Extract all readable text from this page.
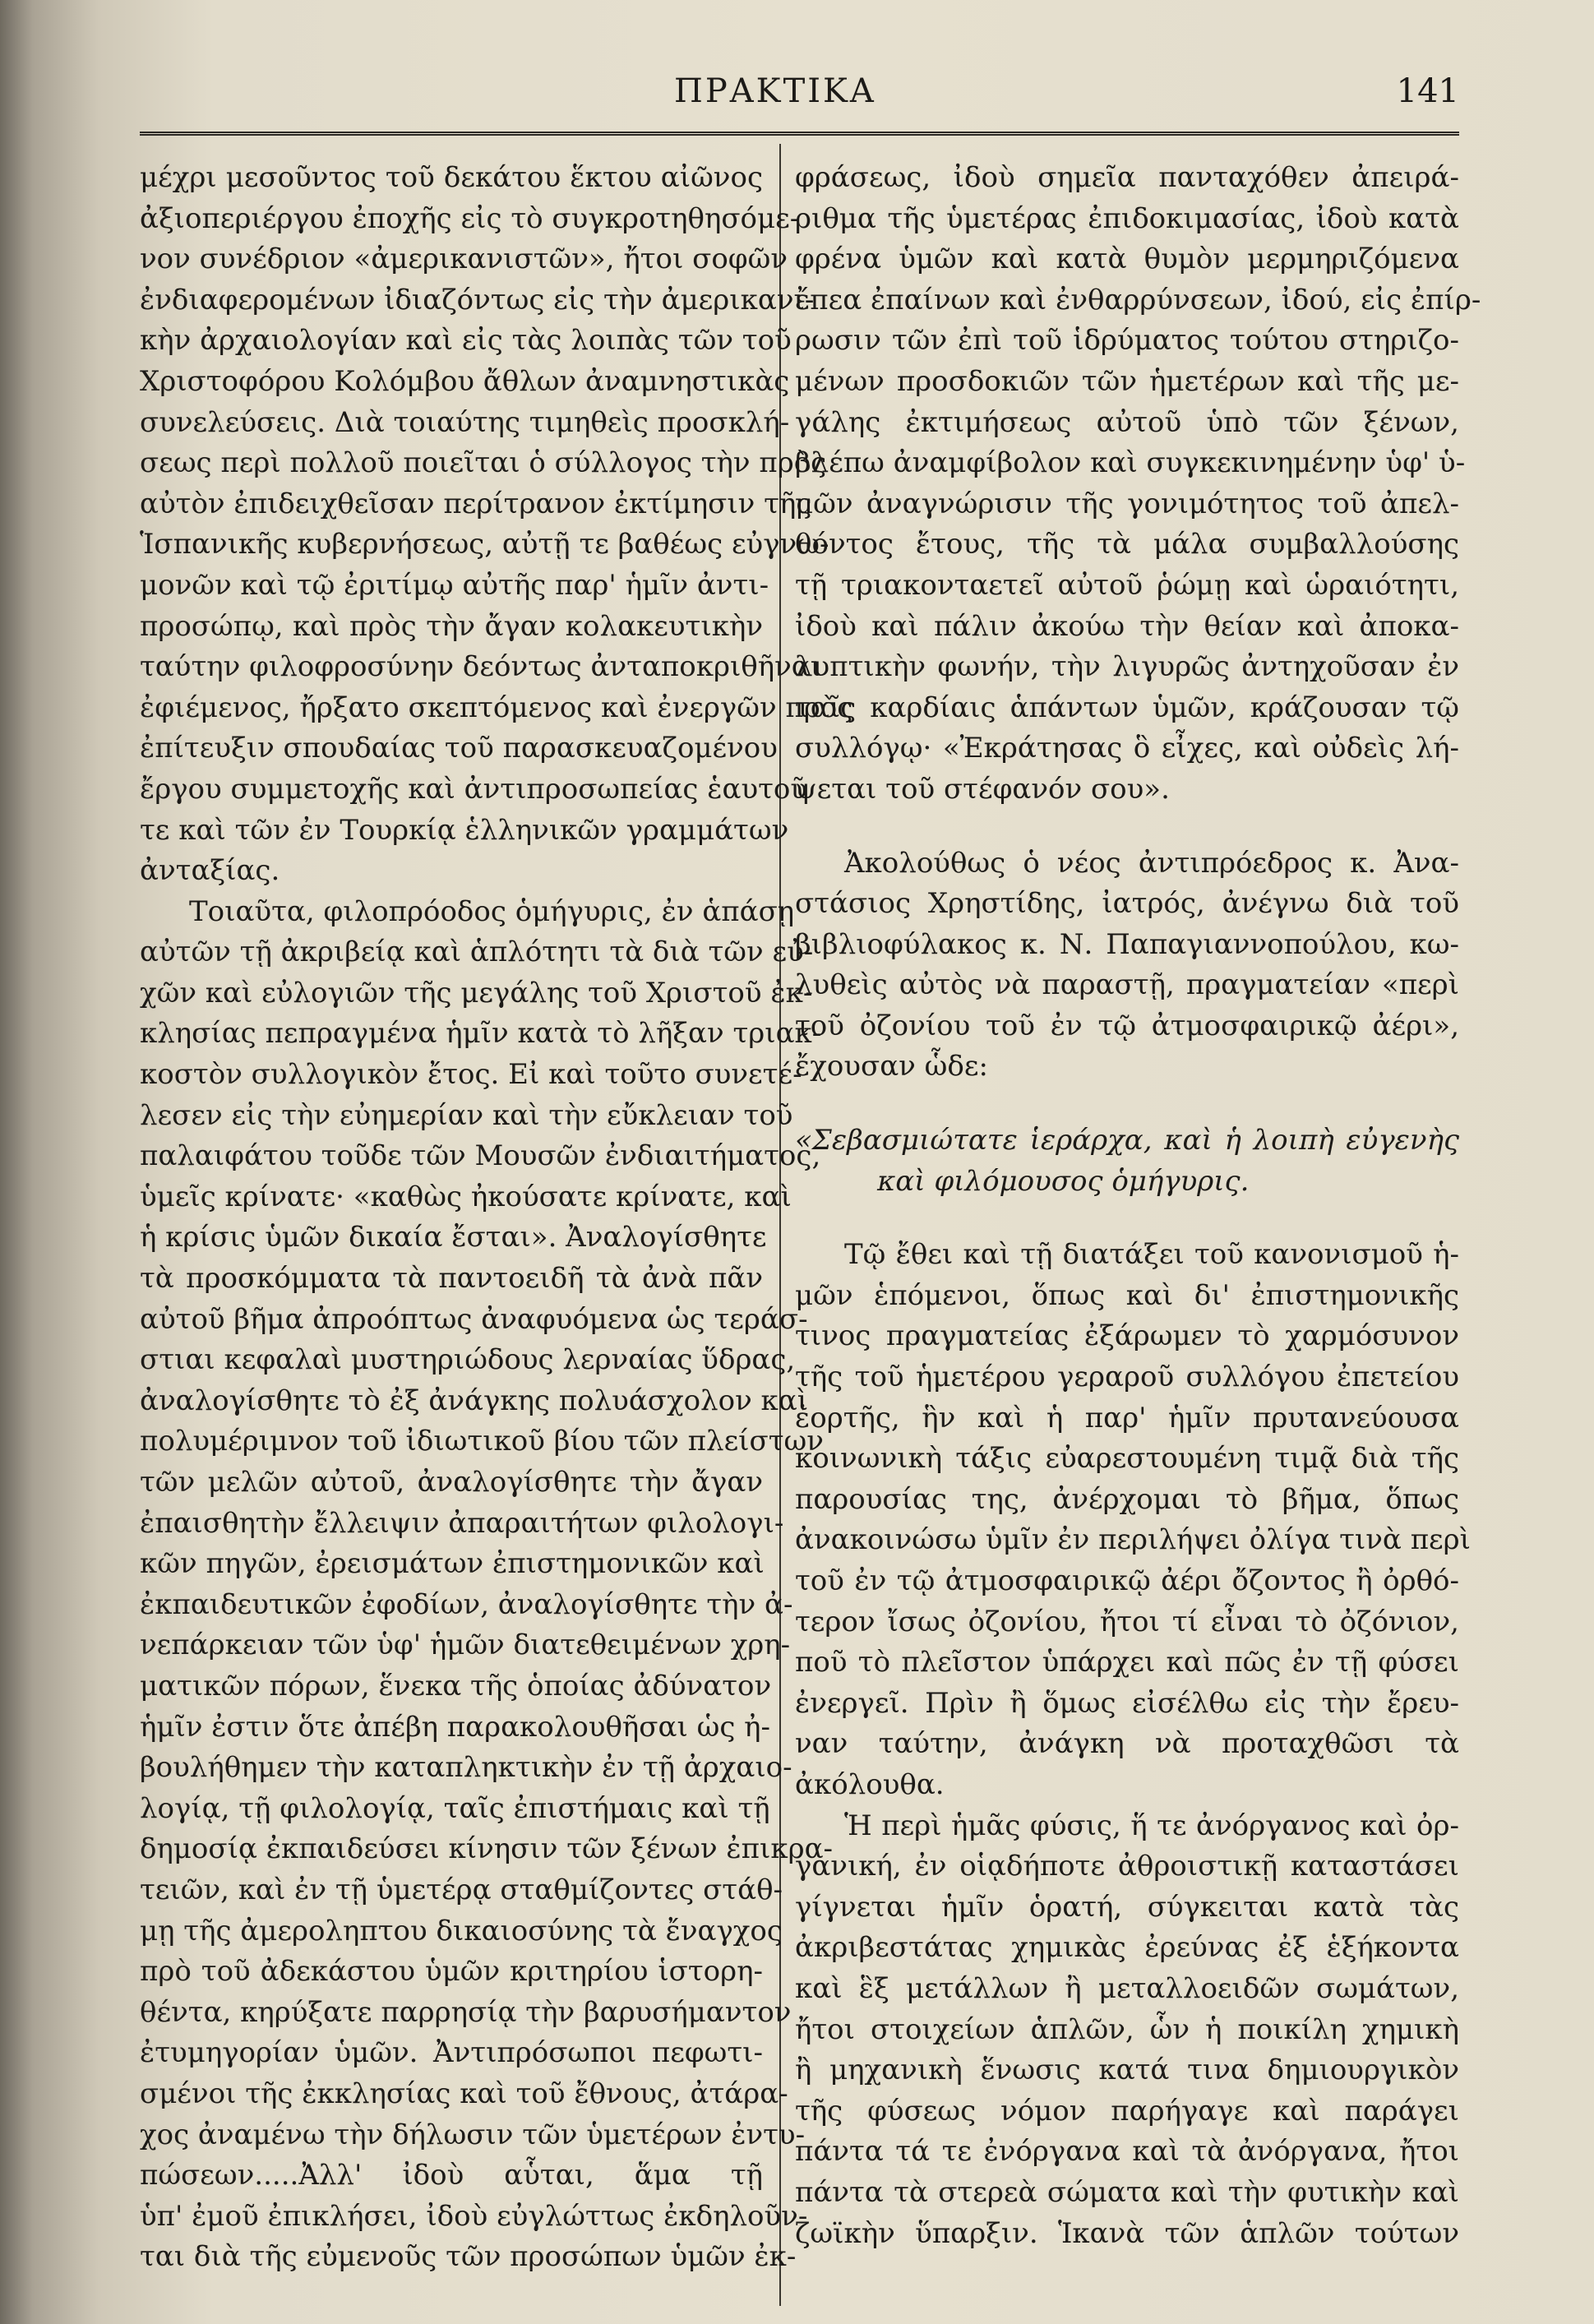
ΠΡΑΚΤΙΚΑ	141
μέχρι μεσοῦντος τοῦ δεκάτου ἕκτου αἰῶνος
ἀξιοπεριέργου ἐποχῆς εἰς τὸ συγκροτηθησόμε-
νον συνέδριον «ἀμερικανιστῶν», ἤτοι σοφῶν
ἐνδιαφερομένων ἰδιαζόντως εἰς τὴν ἀμερικανι-
κὴν ἀρχαιολογίαν καὶ εἰς τὰς λοιπὰς τῶν τοῦ
Χριστοφόρου Κολόμβου ἄθλων ἀναμνηστικὰς
συνελεύσεις. Διὰ τοιαύτης τιμηθεὶς προσκλή-
σεως περὶ πολλοῦ ποιεῖται ὁ σύλλογος τὴν πρὸς
αὐτὸν ἐπιδειχθεῖσαν περίτρανον ἐκτίμησιν τῆς
Ἱσπανικῆς κυβερνήσεως, αὐτῇ τε βαθέως εὐγνω-
μονῶν καὶ τῷ ἐριτίμῳ αὐτῆς παρ' ἡμῖν ἀντι-
προσώπῳ, καὶ πρὸς τὴν ἄγαν κολακευτικὴν
ταύτην φιλοφροσύνην δεόντως ἀνταποκριθῆναι
ἐφιέμενος, ἤρξατο σκεπτόμενος καὶ ἐνεργῶν πρὸς
ἐπίτευξιν σπουδαίας τοῦ παρασκευαζομένου
ἔργου συμμετοχῆς καὶ ἀντιπροσωπείας ἑαυτοῦ
τε καὶ τῶν ἐν Τουρκίᾳ ἑλληνικῶν γραμμάτων
ἀνταξίας.
Τοιαῦτα, φιλοπρόοδος ὁμήγυρις, ἐν ἁπάσῃ
αὐτῶν τῇ ἀκριβείᾳ καὶ ἁπλότητι τὰ διὰ τῶν εὐ-
χῶν καὶ εὐλογιῶν τῆς μεγάλης τοῦ Χριστοῦ ἐκ-
κλησίας πεπραγμένα ἡμῖν κατὰ τὸ λῆξαν τριακ-
κοστὸν συλλογικὸν ἔτος. Εἰ καὶ τοῦτο συνετέ-
λεσεν εἰς τὴν εὐημερίαν καὶ τὴν εὔκλειαν τοῦ
παλαιφάτου τοῦδε τῶν Μουσῶν ἐνδιαιτήματος,
ὑμεῖς κρίνατε· «καθὼς ἠκούσατε κρίνατε, καὶ
ἡ κρίσις ὑμῶν δικαία ἔσται». Ἀναλογίσθητε
τὰ προσκόμματα τὰ παντοειδῆ τὰ ἀνὰ πᾶν
αὐτοῦ βῆμα ἀπροόπτως ἀναφυόμενα ὡς τεράσ-
στιαι κεφαλαὶ μυστηριώδους λερναίας ὕδρας,
ἀναλογίσθητε τὸ ἐξ ἀνάγκης πολυάσχολον καὶ
πολυμέριμνον τοῦ ἰδιωτικοῦ βίου τῶν πλείστων
τῶν μελῶν αὐτοῦ, ἀναλογίσθητε τὴν ἄγαν
ἐπαισθητὴν ἔλλειψιν ἀπαραιτήτων φιλολογι-
κῶν πηγῶν, ἐρεισμάτων ἐπιστημονικῶν καὶ
ἐκπαιδευτικῶν ἐφοδίων, ἀναλογίσθητε τὴν ἀ-
νεπάρκειαν τῶν ὑφ' ἡμῶν διατεθειμένων χρη-
ματικῶν πόρων, ἕνεκα τῆς ὁποίας ἀδύνατον
ἡμῖν ἐστιν ὅτε ἀπέβη παρακολουθῆσαι ὡς ἠ-
βουλήθημεν τὴν καταπληκτικὴν ἐν τῇ ἀρχαιο-
λογίᾳ, τῇ φιλολογίᾳ, ταῖς ἐπιστήμαις καὶ τῇ
δημοσίᾳ ἐκπαιδεύσει κίνησιν τῶν ξένων ἐπικρα-
τειῶν, καὶ ἐν τῇ ὑμετέρᾳ σταθμίζοντες στάθ-
μῃ τῆς ἀμεροληπτου δικαιοσύνης τὰ ἔναγχος
πρὸ τοῦ ἀδεκάστου ὑμῶν κριτηρίου ἱστορη-
θέντα, κηρύξατε παρρησίᾳ τὴν βαρυσήμαντον
ἐτυμηγορίαν ὑμῶν. Ἀντιπρόσωποι πεφωτι-
σμένοι τῆς ἐκκλησίας καὶ τοῦ ἔθνους, ἀτάρα-
χος ἀναμένω τὴν δήλωσιν τῶν ὑμετέρων ἐντυ-
πώσεων.....Ἀλλ' ἰδοὺ αὗται, ἅμα τῇ
ὑπ' ἐμοῦ ἐπικλήσει, ἰδοὺ εὐγλώττως ἐκδηλοῦν-
ται διὰ τῆς εὐμενοῦς τῶν προσώπων ὑμῶν ἐκ-
φράσεως, ἰδοὺ σημεῖα πανταχόθεν ἀπειρά-
ριθμα τῆς ὑμετέρας ἐπιδοκιμασίας, ἰδοὺ κατὰ
φρένα ὑμῶν καὶ κατὰ θυμὸν μερμηριζόμενα
ἔπεα ἐπαίνων καὶ ἐνθαρρύνσεων, ἰδού, εἰς ἐπίρ-
ρωσιν τῶν ἐπὶ τοῦ ἱδρύματος τούτου στηριζο-
μένων προσδοκιῶν τῶν ἡμετέρων καὶ τῆς με-
γάλης ἐκτιμήσεως αὐτοῦ ὑπὸ τῶν ξένων,
βλέπω ἀναμφίβολον καὶ συγκεκινημένην ὑφ' ὑ-
μῶν ἀναγνώρισιν τῆς γονιμότητος τοῦ ἀπελ-
θόντος ἔτους, τῆς τὰ μάλα συμβαλλούσης
τῇ τριακονταετεῖ αὐτοῦ ῥώμῃ καὶ ὡραιότητι,
ἰδοὺ καὶ πάλιν ἀκούω τὴν θείαν καὶ ἀποκα-
λυπτικὴν φωνήν, τὴν λιγυρῶς ἀντηχοῦσαν ἐν
ταῖς καρδίαις ἁπάντων ὑμῶν, κράζουσαν τῷ
συλλόγῳ· «Ἐκράτησας ὃ εἶχες, καὶ οὐδεὶς λή-
ψεται τοῦ στέφανόν σου».
Ἀκολούθως ὁ νέος ἀντιπρόεδρος κ. Ἀνα-
στάσιος Χρηστίδης, ἰατρός, ἀνέγνω διὰ τοῦ
βιβλιοφύλακος κ. Ν. Παπαγιαννοπούλου, κω-
λυθεὶς αὐτὸς νὰ παραστῇ, πραγματείαν «περὶ
τοῦ ὀζονίου τοῦ ἐν τῷ ἀτμοσφαιρικῷ ἀέρι»,
ἔχουσαν ὧδε:
«Σεβασμιώτατε ἱεράρχα, καὶ ἡ λοιπὴ εὐγενὴς
καὶ φιλόμουσος ὁμήγυρις.
Τῷ ἔθει καὶ τῇ διατάξει τοῦ κανονισμοῦ ἡ-
μῶν ἑπόμενοι, ὅπως καὶ δι' ἐπιστημονικῆς
τινος πραγματείας ἐξάρωμεν τὸ χαρμόσυνον
τῆς τοῦ ἡμετέρου γεραροῦ συλλόγου ἐπετείου
ἑορτῆς, ἣν καὶ ἡ παρ' ἡμῖν πρυτανεύουσα
κοινωνικὴ τάξις εὐαρεστουμένη τιμᾷ διὰ τῆς
παρουσίας της, ἀνέρχομαι τὸ βῆμα, ὅπως
ἀνακοινώσω ὑμῖν ἐν περιλήψει ὀλίγα τινὰ περὶ
τοῦ ἐν τῷ ἀτμοσφαιρικῷ ἀέρι ὄζοντος ἢ ὀρθό-
τερον ἴσως ὀζονίου, ἤτοι τί εἶναι τὸ ὀζόνιον,
ποῦ τὸ πλεῖστον ὑπάρχει καὶ πῶς ἐν τῇ φύσει
ἐνεργεῖ. Πρὶν ἢ ὅμως εἰσέλθω εἰς τὴν ἔρευ-
ναν ταύτην, ἀνάγκη νὰ προταχθῶσι τὰ
ἀκόλουθα.
Ἡ περὶ ἡμᾶς φύσις, ἥ τε ἀνόργανος καὶ ὀρ-
γανική, ἐν οἱᾳδήποτε ἀθροιστικῇ καταστάσει
γίγνεται ἡμῖν ὁρατή, σύγκειται κατὰ τὰς
ἀκριβεστάτας χημικὰς ἐρεύνας ἐξ ἑξήκοντα
καὶ ἓξ μετάλλων ἢ μεταλλοειδῶν σωμάτων,
ἤτοι στοιχείων ἁπλῶν, ὧν ἡ ποικίλη χημικὴ
ἢ μηχανικὴ ἕνωσις κατά τινα δημιουργικὸν
τῆς φύσεως νόμον παρήγαγε καὶ παράγει
πάντα τά τε ἐνόργανα καὶ τὰ ἀνόργανα, ἤτοι
πάντα τὰ στερεὰ σώματα καὶ τὴν φυτικὴν καὶ
ζωϊκὴν ὕπαρξιν. Ἱκανὰ τῶν ἁπλῶν τούτων
